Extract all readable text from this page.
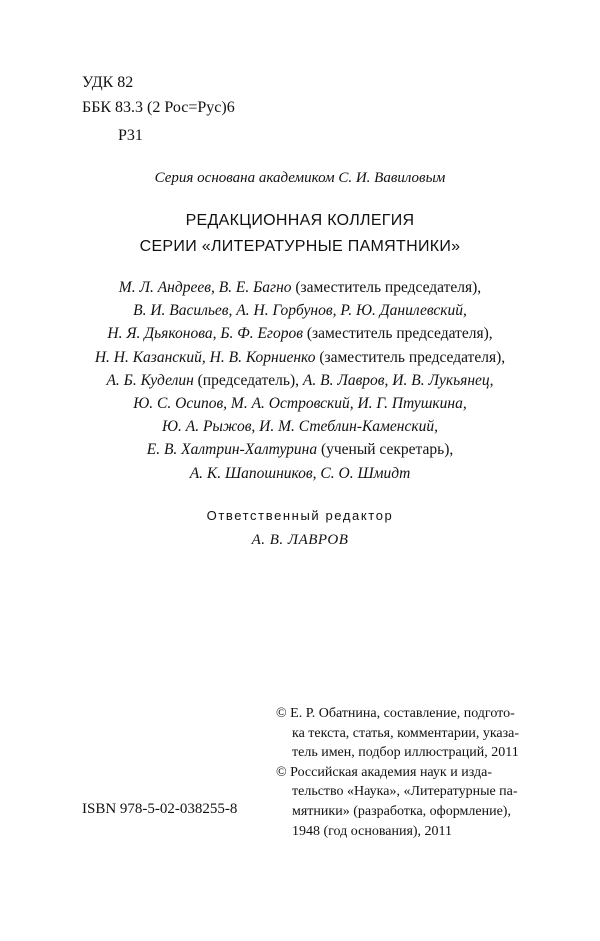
УДК 82
ББК 83.3 (2 Рос=Рус)6
Р31
Серия основана академиком С. И. Вавиловым
РЕДАКЦИОННАЯ КОЛЛЕГИЯ
СЕРИИ «ЛИТЕРАТУРНЫЕ ПАМЯТНИКИ»
М. Л. Андреев, В. Е. Багно (заместитель председателя),
В. И. Васильев, А. Н. Горбунов, Р. Ю. Данилевский,
Н. Я. Дьяконова, Б. Ф. Егоров (заместитель председателя),
Н. Н. Казанский, Н. В. Корниенко (заместитель председателя),
А. Б. Куделин (председатель), А. В. Лавров, И. В. Лукьянец,
Ю. С. Осипов, М. А. Островский, И. Г. Птушкина,
Ю. А. Рыжов, И. М. Стеблин-Каменский,
Е. В. Халтрин-Халтурина (ученый секретарь),
А. К. Шапошников, С. О. Шмидт
Ответственный редактор
А. В. ЛАВРОВ
© Е. Р. Обатнина, составление, подгото-
ка текста, статья, комментарии, указа-
тель имен, подбор иллюстраций, 2011
© Российская академия наук и изда-
тельство «Наука», «Литературные па-
мятники» (разработка, оформление),
1948 (год основания), 2011
ISBN 978-5-02-038255-8
